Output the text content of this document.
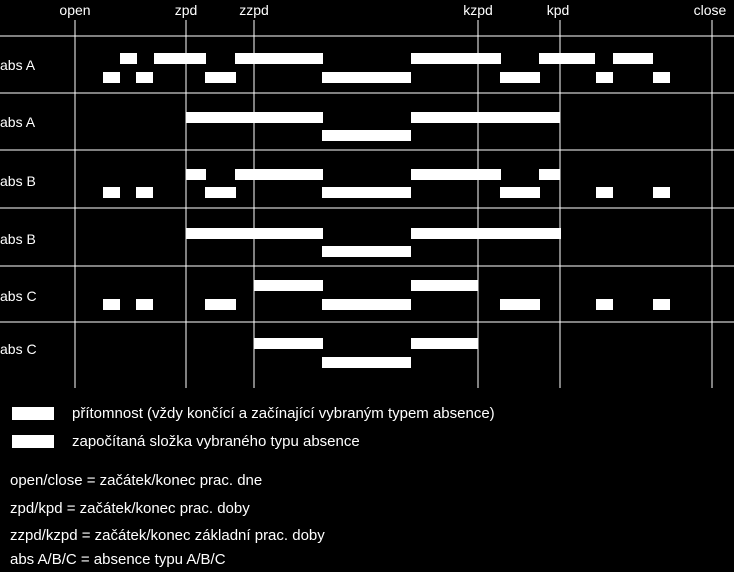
open	zpd	zzpd	kzpd	kpd	close
abs A
abs A
abs B
abs B
abs C
abs C
přítomnost (vždy končící a začínající vybraným typem absence)
započítaná složka vybraného typu absence
open/close = začátek/konec prac. dne
zpd/kpd = začátek/konec prac. doby
zzpd/kzpd = začátek/konec základní prac. doby
abs A/B/C = absence typu A/B/C
